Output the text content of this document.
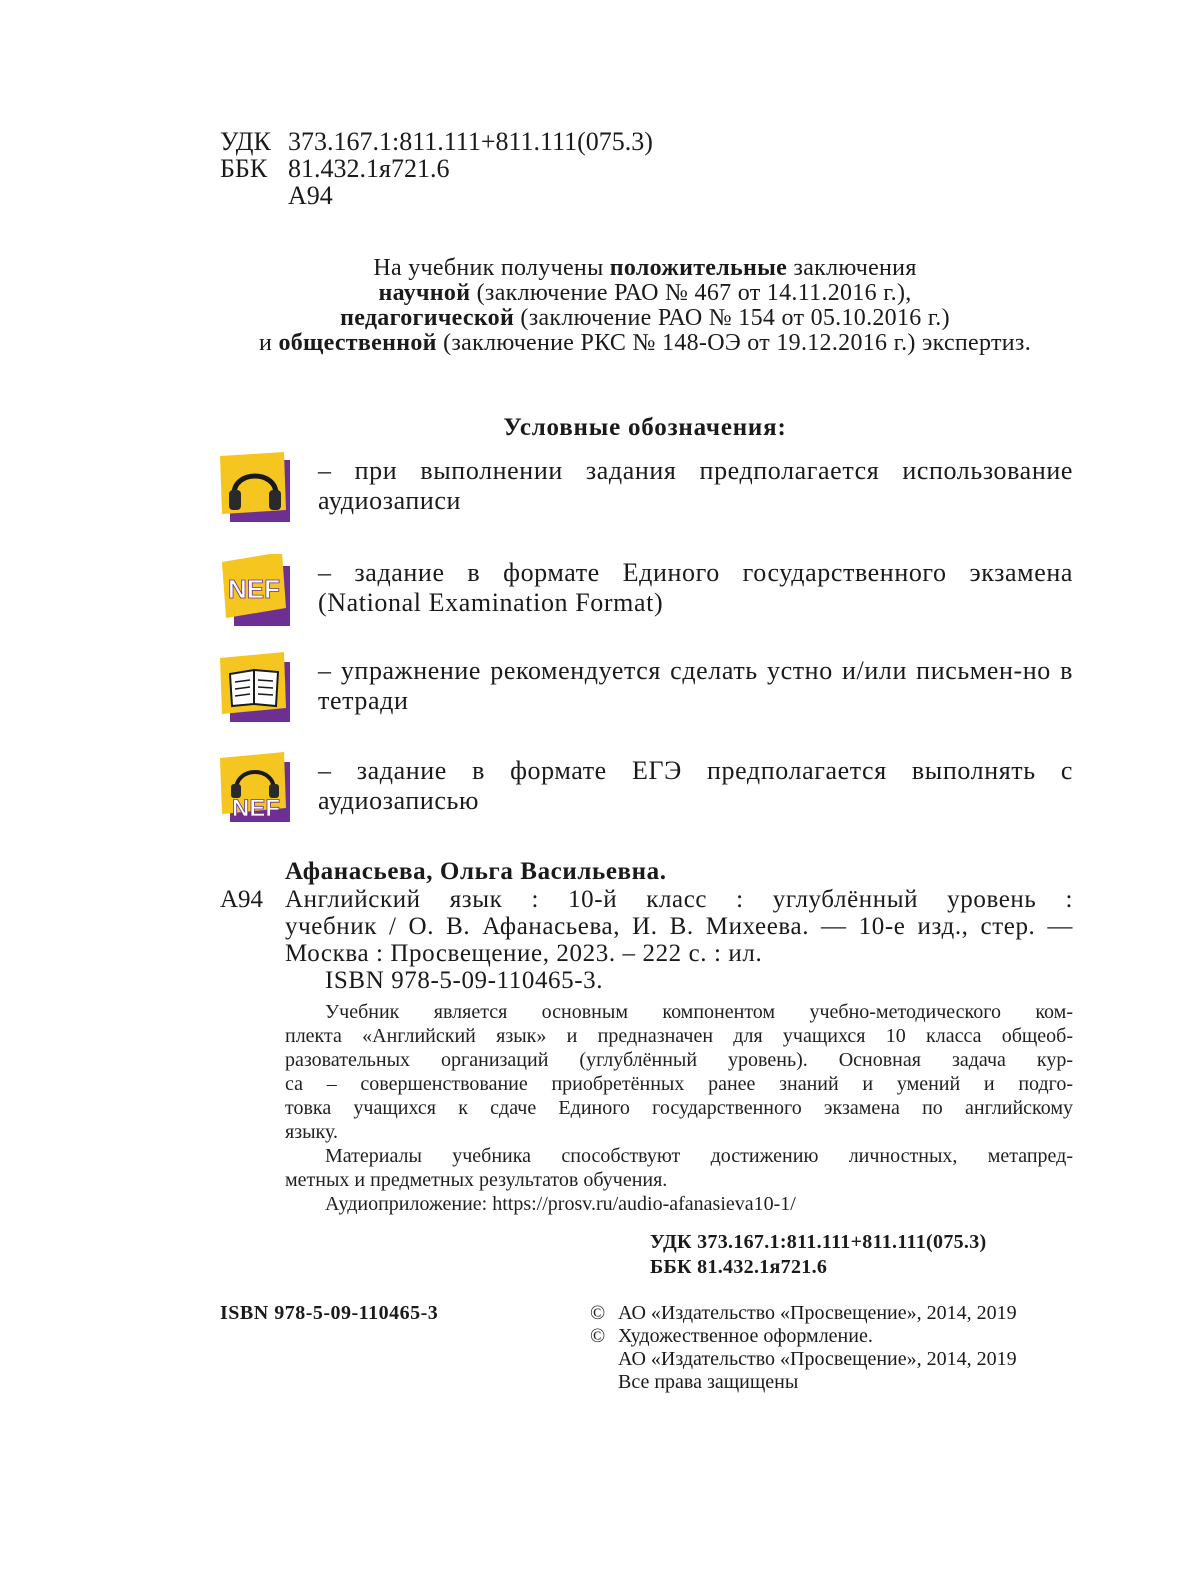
УДК 373.167.1:811.111+811.111(075.3)
ББК 81.432.1я721.6
А94
На учебник получены положительные заключения
научной (заключение РАО № 467 от 14.11.2016 г.),
педагогической (заключение РАО № 154 от 05.10.2016 г.)
и общественной (заключение РКС № 148-ОЭ от 19.12.2016 г.) экспертиз.
Условные обозначения:
– при выполнении задания предполагается использование аудиозаписи
NEF
– задание в формате Единого государственного экзамена (National Examination Format)
– упражнение рекомендуется сделать устно и/или письмен-но в тетради
NEF
– задание в формате ЕГЭ предполагается выполнять с аудиозаписью
Афанасьева, Ольга Васильевна.
А94 Английский язык : 10-й класс : углублённый уровень :
учебник / О. В. Афанасьева, И. В. Михеева. — 10-е изд., стер. —
Москва : Просвещение, 2023. – 222 с. : ил.
ISBN 978-5-09-110465-3.
Учебник является основным компонентом учебно-методического ком-
плекта «Английский язык» и предназначен для учащихся 10 класса общеоб-
разовательных организаций (углублённый уровень). Основная задача кур-
са – совершенствование приобретённых ранее знаний и умений и подго-
товка учащихся к сдаче Единого государственного экзамена по английскому
языку.
Материалы учебника способствуют достижению личностных, метапред-
метных и предметных результатов обучения.
Аудиоприложение: https://prosv.ru/audio-afanasieva10-1/
УДК 373.167.1:811.111+811.111(075.3)
ББК 81.432.1я721.6
ISBN 978-5-09-110465-3	© АО «Издательство «Просвещение», 2014, 2019
© Художественное оформление.
АО «Издательство «Просвещение», 2014, 2019
Все права защищены
